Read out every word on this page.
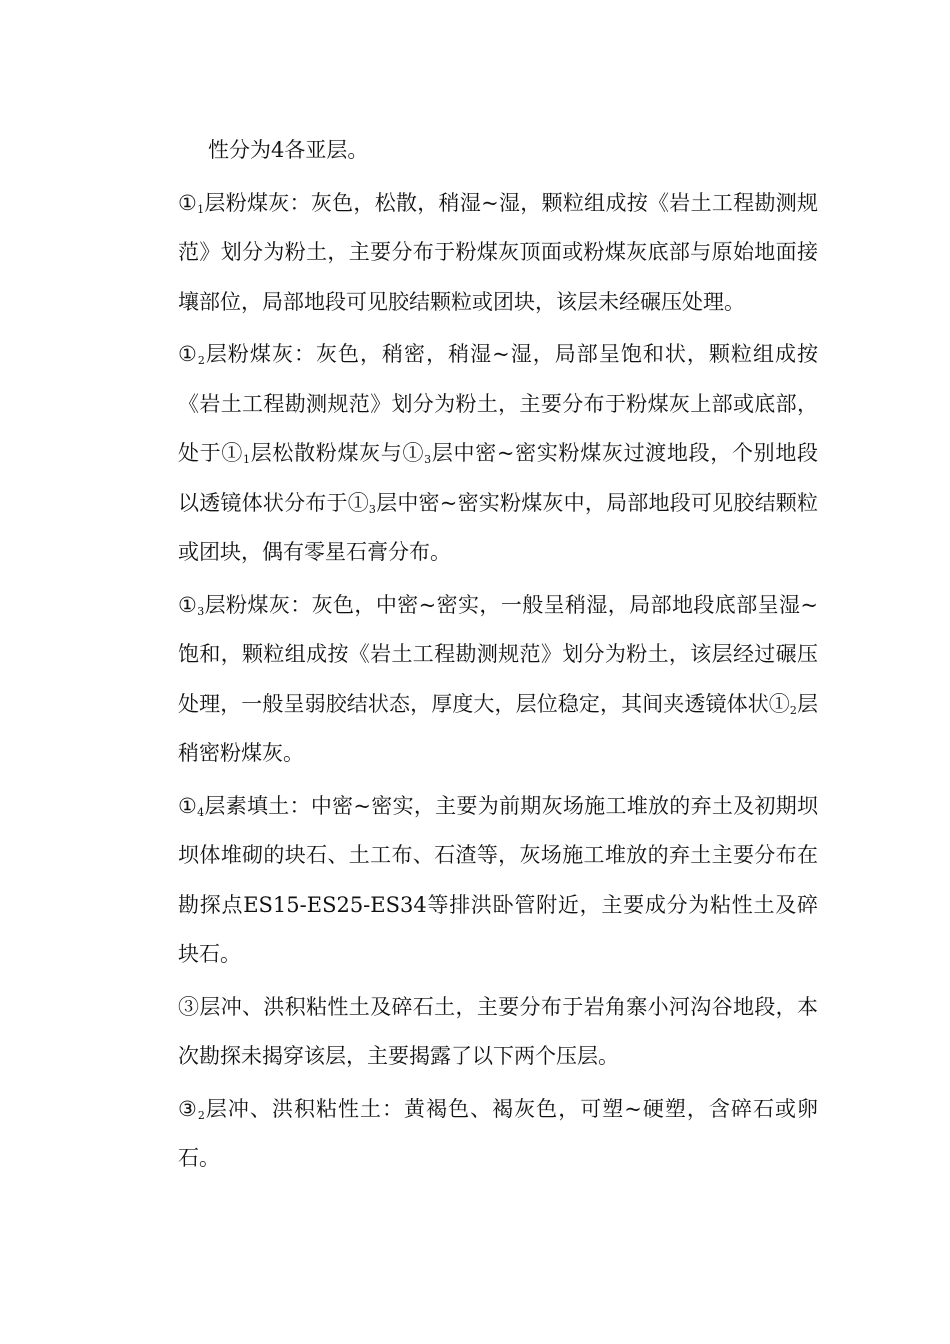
性分为4各亚层。

$①_1$层粉煤灰：灰色，松散，稍湿~湿，颗粒组成按《岩土工程勘测规范》划分为粉土，主要分布于粉煤灰顶面或粉煤灰底部与原始地面接壤部位，局部地段可见胶结颗粒或团块，该层未经碾压处理。

$①_2$层粉煤灰：灰色，稍密，稍湿~湿，局部呈饱和状，颗粒组成按《岩土工程勘测规范》划分为粉土，主要分布于粉煤灰上部或底部，处于$①_1$层松散粉煤灰与$①_3$层中密~密实粉煤灰过渡地段，个别地段以透镜体状分布于$①_3$层中密~密实粉煤灰中，局部地段可见胶结颗粒或团块，偶有零星石膏分布。

$①_3$层粉煤灰：灰色，中密~密实，一般呈稍湿，局部地段底部呈湿~饱和，颗粒组成按《岩土工程勘测规范》划分为粉土，该层经过碾压处理，一般呈弱胶结状态，厚度大，层位稳定，其间夹透镜体状$①_2$层稍密粉煤灰。

$①_4$层素填土：中密~密实，主要为前期灰场施工堆放的弃土及初期坝坝体堆砌的块石、土工布、石渣等，灰场施工堆放的弃土主要分布在勘探点ES15-ES25-ES34等排洪卧管附近，主要成分为粘性土及碎块石。

③层冲、洪积粘性土及碎石土，主要分布于岩角寨小河沟谷地段，本次勘探未揭穿该层，主要揭露了以下两个压层。

$③_2$层冲、洪积粘性土：黄褐色、褐灰色，可塑~硬塑，含碎石或卵石。
